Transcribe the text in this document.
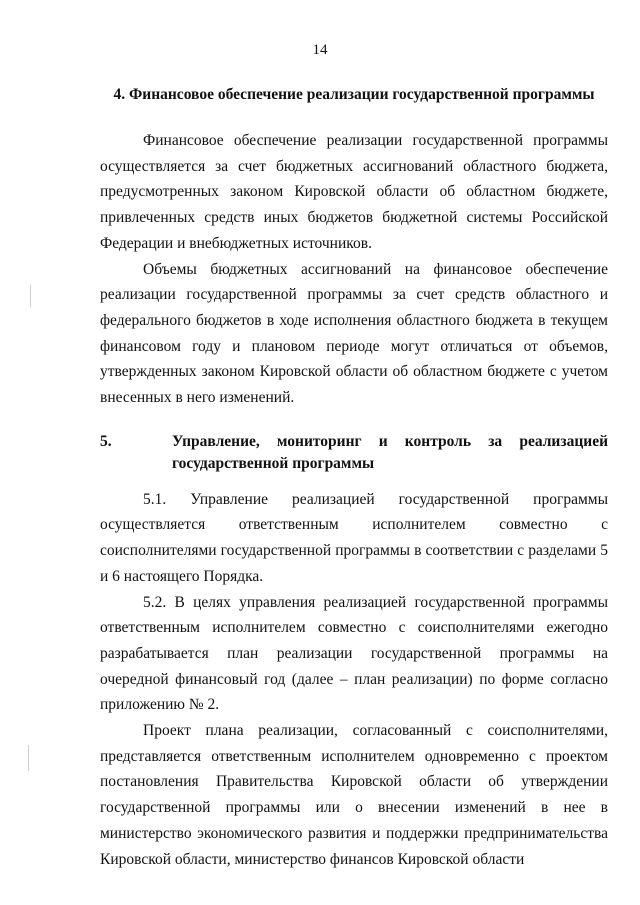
14
4. Финансовое обеспечение реализации государственной программы

Финансовое обеспечение реализации государственной программы осуществляется за счет бюджетных ассигнований областного бюджета, предусмотренных законом Кировской области об областном бюджете, привлеченных средств иных бюджетов бюджетной системы Российской Федерации и внебюджетных источников.

Объемы бюджетных ассигнований на финансовое обеспечение реализации государственной программы за счет средств областного и федерального бюджетов в ходе исполнения областного бюджета в текущем финансовом году и плановом периоде могут отличаться от объемов, утвержденных законом Кировской области об областном бюджете с учетом внесенных в него изменений.

5.	Управление, мониторинг и контроль за реализацией
государственной программы

5.1. Управление реализацией государственной программы осуществляется ответственным исполнителем совместно с соисполнителями государственной программы в соответствии с разделами 5 и 6 настоящего Порядка.

5.2. В целях управления реализацией государственной программы ответственным исполнителем совместно с соисполнителями ежегодно разрабатывается план реализации государственной программы на очередной финансовый год (далее – план реализации) по форме согласно приложению № 2.

Проект плана реализации, согласованный с соисполнителями, представляется ответственным исполнителем одновременно с проектом постановления Правительства Кировской области об утверждении государственной программы или о внесении изменений в нее в министерство экономического развития и поддержки предпринимательства Кировской области, министерство финансов Кировской области
